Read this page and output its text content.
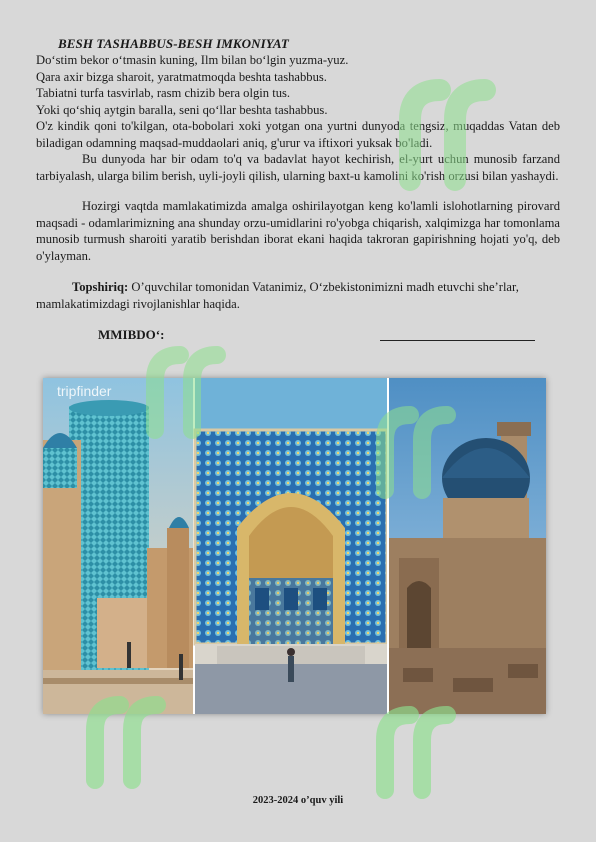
BESH TASHABBUS-BESH IMKONIYAT
Do‘stim bekor o‘tmasin kuning, Ilm bilan bo‘lgin yuzma-yuz.
Qara axir bizga sharoit, yaratmatmoqda beshta tashabbus.
Tabiatni turfa tasvirlab, rasm chizib bera olgin tus.
Yoki qo‘shiq aytgin baralla, seni qo‘llar beshta tashabbus.
O'z kindik qoni to'kilgan, ota-bobolari xoki yotgan ona yurtni dunyoda tengsiz, muqaddas Vatan deb biladigan odamning maqsad-muddaolari aniq, g'urur va iftixori yuksak bo'ladi.
Bu dunyoda har bir odam to'q va badavlat hayot kechirish, el-yurt uchun munosib farzand tarbiyalash, ularga bilim berish, uyli-joyli qilish, ularning baxt-u kamolini ko'rish orzusi bilan yashaydi.
Hozirgi vaqtda mamlakatimizda amalga oshirilayotgan keng ko'lamli islohotlarning pirovard maqsadi - odamlarimizning ana shunday orzu-umidlarini ro'yobga chiqarish, xalqimizga har tomonlama munosib turmush sharoiti yaratib berishdan iborat ekani haqida takroran gapirishning hojati yo'q, deb o'ylayman.
Topshiriq: O’quvchilar tomonidan Vatanimiz, O‘zbekistonimizni madh etuvchi she’rlar, mamlakatimizdagi rivojlanishlar haqida.
MMIBDO‘:
tripfinder
2023-2024 o’quv yili
